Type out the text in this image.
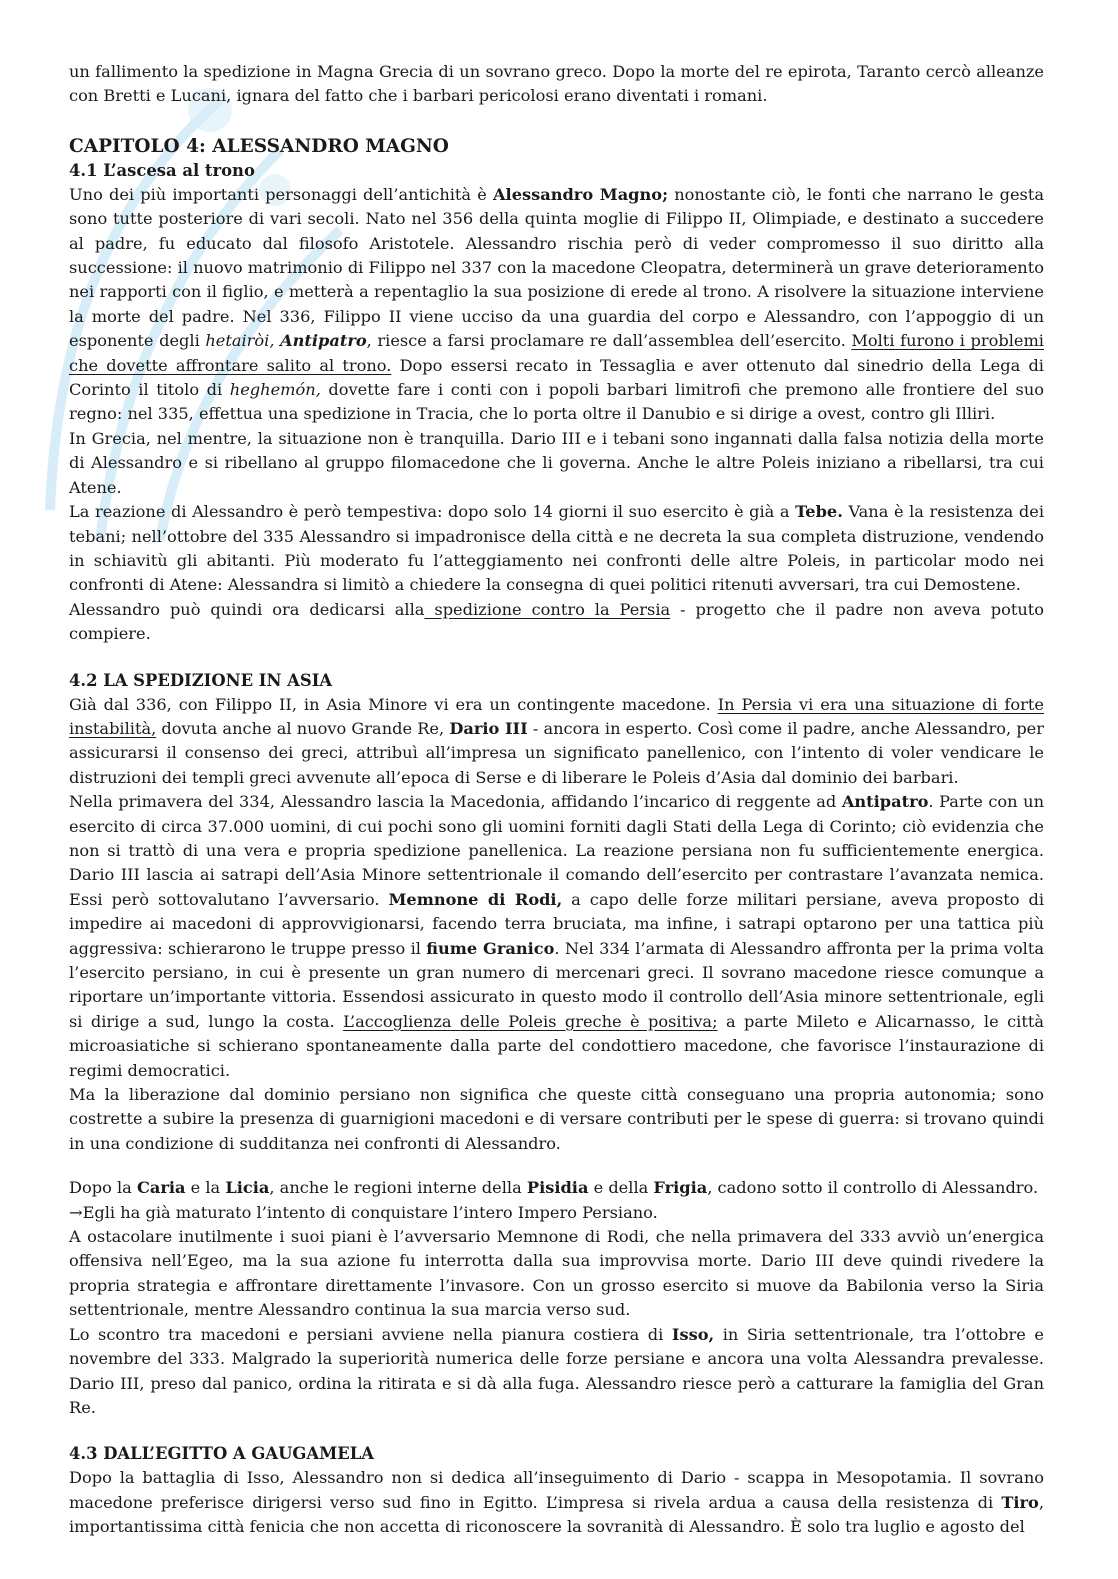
un fallimento la spedizione in Magna Grecia di un sovrano greco. Dopo la morte del re epirota, Taranto cercò alleanze con Bretti e Lucani, ignara del fatto che i barbari pericolosi erano diventati i romani.

CAPITOLO 4: ALESSANDRO MAGNO
4.1 L’ascesa al trono

Uno dei più importanti personaggi dell’antichità è Alessandro Magno; nonostante ciò, le fonti che narrano le gesta sono tutte posteriore di vari secoli. Nato nel 356 della quinta moglie di Filippo II, Olimpiade, e destinato a succedere al padre, fu educato dal filosofo Aristotele. Alessandro rischia però di veder compromesso il suo diritto alla successione: il nuovo matrimonio di Filippo nel 337 con la macedone Cleopatra, determinerà un grave deterioramento nei rapporti con il figlio, e metterà a repentaglio la sua posizione di erede al trono. A risolvere la situazione interviene la morte del padre. Nel 336, Filippo II viene ucciso da una guardia del corpo e Alessandro, con l’appoggio di un esponente degli hetairòi, Antipatro, riesce a farsi proclamare re dall’assemblea dell’esercito. Molti furono i problemi che dovette affrontare salito al trono. Dopo essersi recato in Tessaglia e aver ottenuto dal sinedrio della Lega di Corinto il titolo di heghemón, dovette fare i conti con i popoli barbari limitrofi che premono alle frontiere del suo regno: nel 335, effettua una spedizione in Tracia, che lo porta oltre il Danubio e si dirige a ovest, contro gli Illiri.

In Grecia, nel mentre, la situazione non è tranquilla. Dario III e i tebani sono ingannati dalla falsa notizia della morte di Alessandro e si ribellano al gruppo filomacedone che li governa. Anche le altre Poleis iniziano a ribellarsi, tra cui Atene.

La reazione di Alessandro è però tempestiva: dopo solo 14 giorni il suo esercito è già a Tebe. Vana è la resistenza dei tebani; nell’ottobre del 335 Alessandro si impadronisce della città e ne decreta la sua completa distruzione, vendendo in schiavitù gli abitanti. Più moderato fu l’atteggiamento nei confronti delle altre Poleis, in particolar modo nei confronti di Atene: Alessandra si limitò a chiedere la consegna di quei politici ritenuti avversari, tra cui Demostene.

Alessandro può quindi ora dedicarsi alla spedizione contro la Persia - progetto che il padre non aveva potuto compiere.

4.2 LA SPEDIZIONE IN ASIA

Già dal 336, con Filippo II, in Asia Minore vi era un contingente macedone. In Persia vi era una situazione di forte instabilità, dovuta anche al nuovo Grande Re, Dario III - ancora in esperto. Così come il padre, anche Alessandro, per assicurarsi il consenso dei greci, attribuì all’impresa un significato panellenico, con l’intento di voler vendicare le distruzioni dei templi greci avvenute all’epoca di Serse e di liberare le Poleis d’Asia dal dominio dei barbari.

Nella primavera del 334, Alessandro lascia la Macedonia, affidando l’incarico di reggente ad Antipatro. Parte con un esercito di circa 37.000 uomini, di cui pochi sono gli uomini forniti dagli Stati della Lega di Corinto; ciò evidenzia che non si trattò di una vera e propria spedizione panellenica. La reazione persiana non fu sufficientemente energica. Dario III lascia ai satrapi dell’Asia Minore settentrionale il comando dell’esercito per contrastare l’avanzata nemica. Essi però sottovalutano l’avversario. Memnone di Rodi, a capo delle forze militari persiane, aveva proposto di impedire ai macedoni di approvvigionarsi, facendo terra bruciata, ma infine, i satrapi optarono per una tattica più aggressiva: schierarono le truppe presso il fiume Granico. Nel 334 l’armata di Alessandro affronta per la prima volta l’esercito persiano, in cui è presente un gran numero di mercenari greci. Il sovrano macedone riesce comunque a riportare un’importante vittoria. Essendosi assicurato in questo modo il controllo dell’Asia minore settentrionale, egli si dirige a sud, lungo la costa. L’accoglienza delle Poleis greche è positiva; a parte Mileto e Alicarnasso, le città microasiatiche si schierano spontaneamente dalla parte del condottiero macedone, che favorisce l’instaurazione di regimi democratici.

Ma la liberazione dal dominio persiano non significa che queste città conseguano una propria autonomia; sono costrette a subire la presenza di guarnigioni macedoni e di versare contributi per le spese di guerra: si trovano quindi in una condizione di sudditanza nei confronti di Alessandro.

Dopo la Caria e la Licia, anche le regioni interne della Pisidia e della Frigia, cadono sotto il controllo di Alessandro.

→Egli ha già maturato l’intento di conquistare l’intero Impero Persiano.

A ostacolare inutilmente i suoi piani è l’avversario Memnone di Rodi, che nella primavera del 333 avviò un’energica offensiva nell’Egeo, ma la sua azione fu interrotta dalla sua improvvisa morte. Dario III deve quindi rivedere la propria strategia e affrontare direttamente l’invasore. Con un grosso esercito si muove da Babilonia verso la Siria settentrionale, mentre Alessandro continua la sua marcia verso sud.

Lo scontro tra macedoni e persiani avviene nella pianura costiera di Isso, in Siria settentrionale, tra l’ottobre e novembre del 333. Malgrado la superiorità numerica delle forze persiane e ancora una volta Alessandra prevalesse. Dario III, preso dal panico, ordina la ritirata e si dà alla fuga. Alessandro riesce però a catturare la famiglia del Gran Re.

4.3 DALL’EGITTO A GAUGAMELA

Dopo la battaglia di Isso, Alessandro non si dedica all’inseguimento di Dario - scappa in Mesopotamia. Il sovrano macedone preferisce dirigersi verso sud fino in Egitto. L’impresa si rivela ardua a causa della resistenza di Tiro, importantissima città fenicia che non accetta di riconoscere la sovranità di Alessandro. È solo tra luglio e agosto del
